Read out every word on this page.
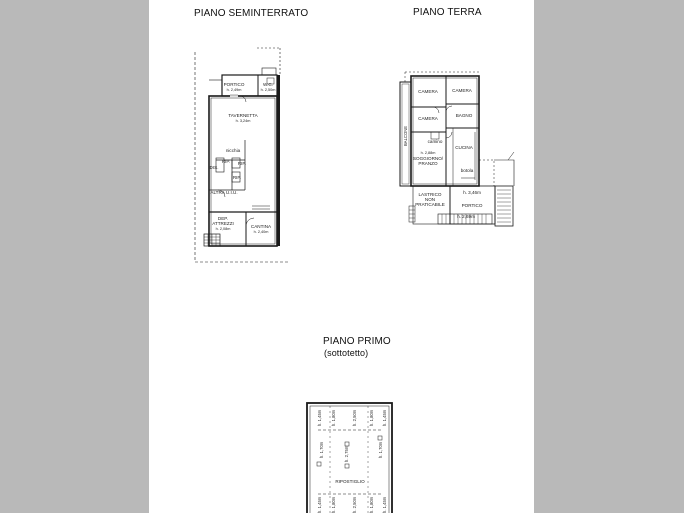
PIANO SEMINTERRATO	PIANO TERRA
PIANO PRIMO
(sottotetto)
PORTICO
h. 2,49m
W.C.
h. 2,50m
TAVERNETTA
h. 3,24m
nicchia
RIP. RIP.
RIP.
DIS.
ALTRA U.I.U.
DEP.
ATTREZZI
h. 2,08m
CANTINA
h. 2,40m
CAMERA	CAMERA
CAMERA
BAGNO
CUCINA
camino
h. 2,88m
SOGGIORNO/
PRANZO
botola
BALCONE
LASTRICO
NON
PRATICABILE
h. 3,46m
PORTICO
h. 2,69m
h. 1,45m h. 1,80m	h. 2,50m	h. 1,80m h. 1,45m
h. 1,70m	h. 2,75m	h. 1,70m
RIPOSTIGLIO
h. 1,45m h. 1,80m	h. 2,50m	h. 1,80m h. 1,45m
